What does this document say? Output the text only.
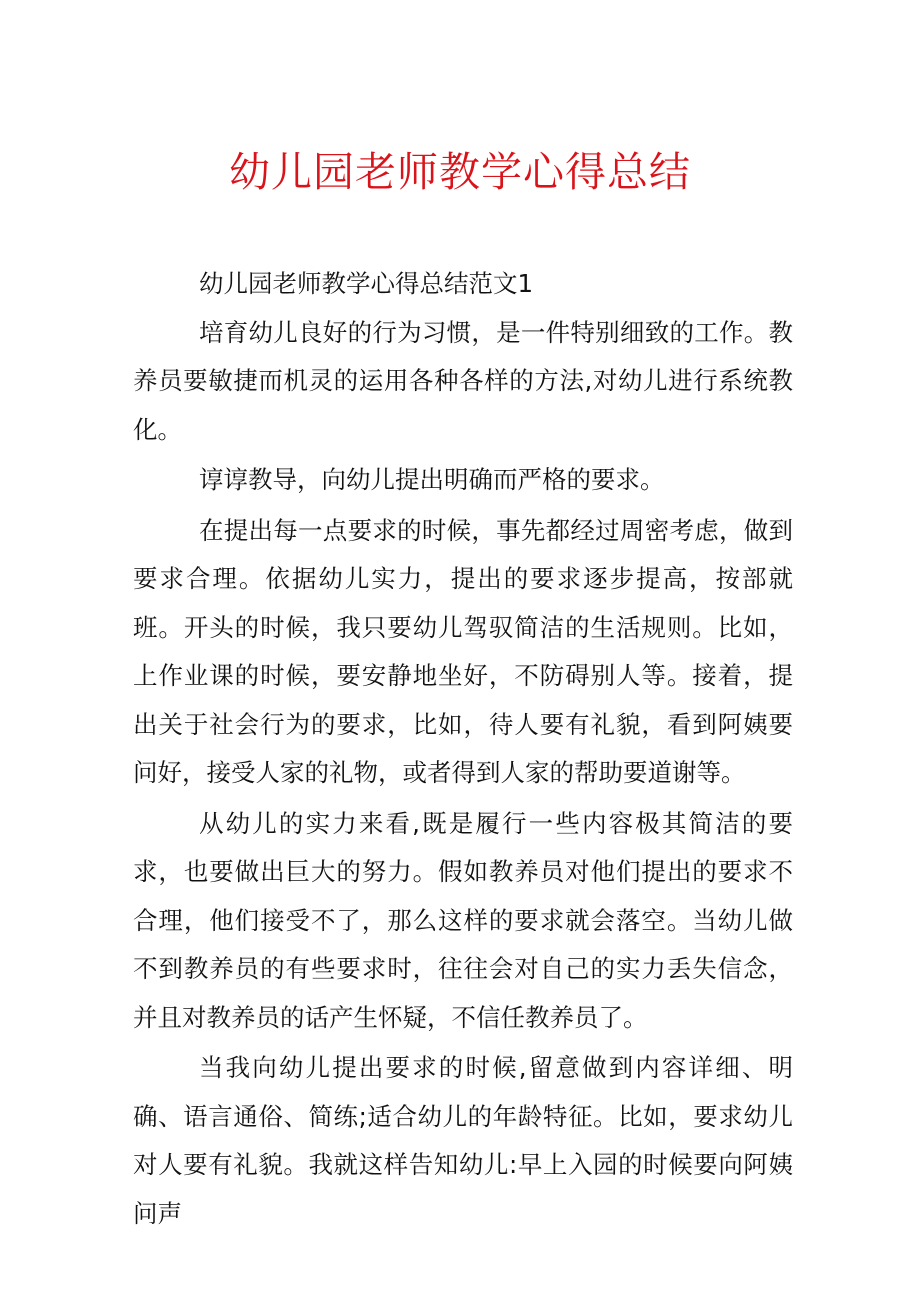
幼儿园老师教学心得总结

幼儿园老师教学心得总结范文1

培育幼儿良好的行为习惯，是一件特别细致的工作。教养员要敏捷而机灵的运用各种各样的方法,对幼儿进行系统教化。

谆谆教导，向幼儿提出明确而严格的要求。

在提出每一点要求的时候，事先都经过周密考虑，做到要求合理。依据幼儿实力，提出的要求逐步提高，按部就班。开头的时候，我只要幼儿驾驭简洁的生活规则。比如，上作业课的时候，要安静地坐好，不防碍别人等。接着，提出关于社会行为的要求，比如，待人要有礼貌，看到阿姨要问好，接受人家的礼物，或者得到人家的帮助要道谢等。

从幼儿的实力来看,既是履行一些内容极其简洁的要求，也要做出巨大的努力。假如教养员对他们提出的要求不合理，他们接受不了，那么这样的要求就会落空。当幼儿做不到教养员的有些要求时，往往会对自己的实力丢失信念，并且对教养员的话产生怀疑，不信任教养员了。

当我向幼儿提出要求的时候,留意做到内容详细、明确、语言通俗、简练;适合幼儿的年龄特征。比如，要求幼儿对人要有礼貌。我就这样告知幼儿:早上入园的时候要向阿姨问声
